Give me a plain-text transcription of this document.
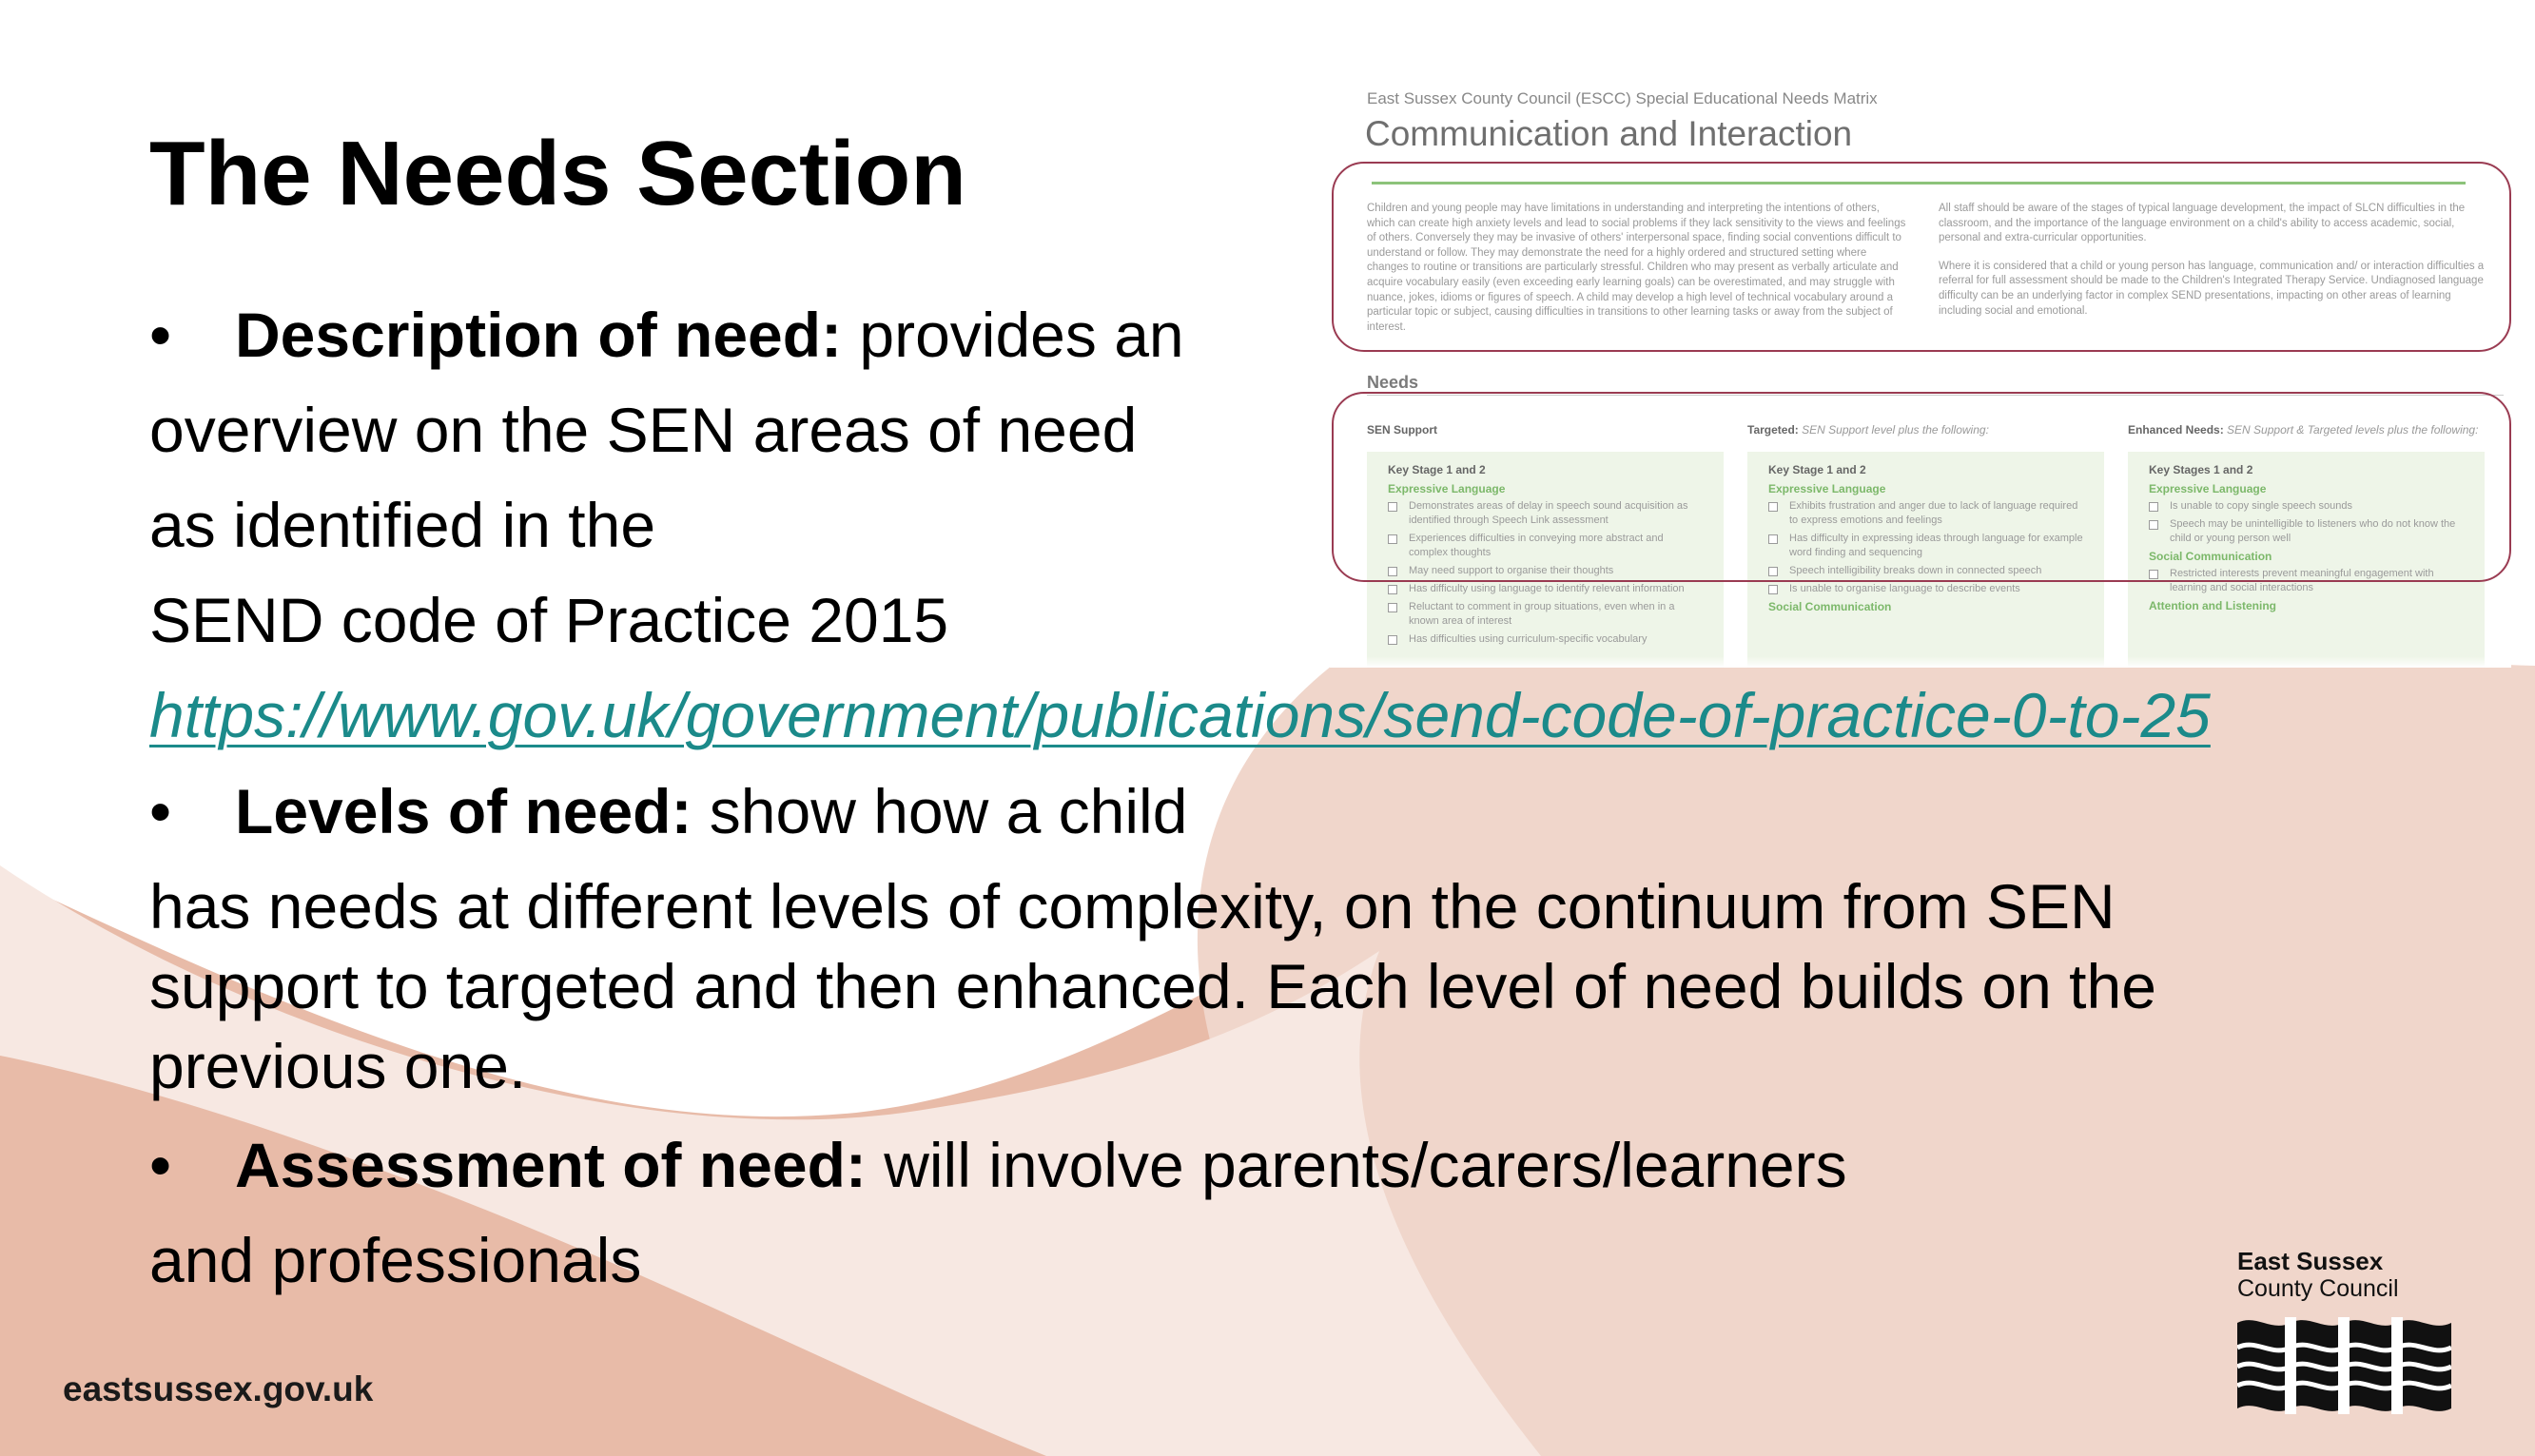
East Sussex County Council (ESCC) Special Educational Needs Matrix
Communication and Interaction
Children and young people may have limitations in understanding and interpreting the intentions of others, which can create high anxiety levels and lead to social problems if they lack sensitivity to the views and feelings of others. Conversely they may be invasive of others' interpersonal space, finding social conventions difficult to understand or follow. They may demonstrate the need for a highly ordered and structured setting where changes to routine or transitions are particularly stressful. Children who may present as verbally articulate and acquire vocabulary easily (even exceeding early learning goals) can be overestimated, and may struggle with nuance, jokes, idioms or figures of speech. A child may develop a high level of technical vocabulary around a particular topic or subject, causing difficulties in transitions to other learning tasks or away from the subject of interest.
All staff should be aware of the stages of typical language development, the impact of SLCN difficulties in the classroom, and the importance of the language environment on a child's ability to access academic, social, personal and extra-curricular opportunities.
Where it is considered that a child or young person has language, communication and/ or interaction difficulties a referral for full assessment should be made to the Children's Integrated Therapy Service. Undiagnosed language difficulty can be an underlying factor in complex SEND presentations, impacting on other areas of learning including social and emotional.
Needs
SEN Support	Targeted: SEN Support level plus the following:	Enhanced Needs: SEN Support & Targeted levels plus the following:
Key Stage 1 and 2
Expressive Language
Demonstrates areas of delay in speech sound acquisition as identified through Speech Link assessment
Experiences difficulties in conveying more abstract and complex thoughts
May need support to organise their thoughts
Has difficulty using language to identify relevant information
Reluctant to comment in group situations, even when in a known area of interest
Has difficulties using curriculum-specific vocabulary
Key Stage 1 and 2
Expressive Language
Exhibits frustration and anger due to lack of language required to express emotions and feelings
Has difficulty in expressing ideas through language for example word finding and sequencing
Speech intelligibility breaks down in connected speech
Is unable to organise language to describe events
Social Communication
Key Stages 1 and 2
Expressive Language
Is unable to copy single speech sounds
Speech may be unintelligible to listeners who do not know the child or young person well
Social Communication
Restricted interests prevent meaningful engagement with learning and social interactions
Attention and Listening
The Needs Section
• Description of need: provides an
overview on the SEN areas of need
as identified in the
SEND code of Practice 2015
https://www.gov.uk/government/publications/send-code-of-practice-0-to-25
• Levels of need: show how a child
has needs at different levels of complexity, on the continuum from SEN
support to targeted and then enhanced. Each level of need builds on the
previous one.
• Assessment of need: will involve parents/carers/learners
and professionals
eastsussex.gov.uk
East Sussex
County Council
